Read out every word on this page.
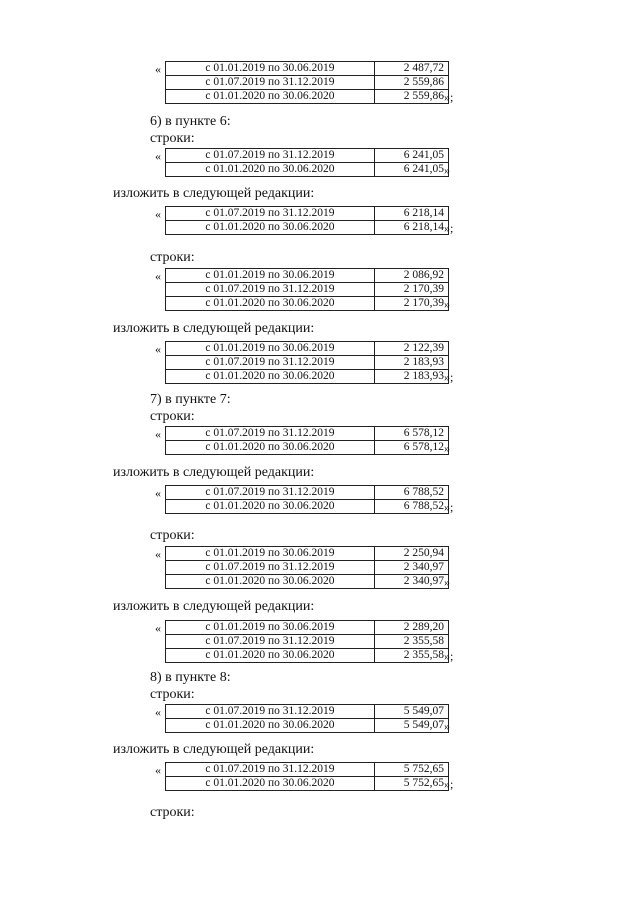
«	с 01.01.2019 по 30.06.2019	2 487,72
с 01.07.2019 по 31.12.2019	2 559,86
с 01.01.2020 по 30.06.2020	2 559,86 »;
6) в пункте 6:
строки:
«	с 01.07.2019 по 31.12.2019	6 241,05
с 01.01.2020 по 30.06.2020	6 241,05 »
изложить в следующей редакции:
«	с 01.07.2019 по 31.12.2019	6 218,14
с 01.01.2020 по 30.06.2020	6 218,14 »;
строки:
«	с 01.01.2019 по 30.06.2019	2 086,92
с 01.07.2019 по 31.12.2019	2 170,39
с 01.01.2020 по 30.06.2020	2 170,39 »
изложить в следующей редакции:
«	с 01.01.2019 по 30.06.2019	2 122,39
с 01.07.2019 по 31.12.2019	2 183,93
с 01.01.2020 по 30.06.2020	2 183,93 »;
7) в пункте 7:
строки:
«	с 01.07.2019 по 31.12.2019	6 578,12
с 01.01.2020 по 30.06.2020	6 578,12 »
изложить в следующей редакции:
«	с 01.07.2019 по 31.12.2019	6 788,52
с 01.01.2020 по 30.06.2020	6 788,52 »;
строки:
«	с 01.01.2019 по 30.06.2019	2 250,94
с 01.07.2019 по 31.12.2019	2 340,97
с 01.01.2020 по 30.06.2020	2 340,97 »
изложить в следующей редакции:
«	с 01.01.2019 по 30.06.2019	2 289,20
с 01.07.2019 по 31.12.2019	2 355,58
с 01.01.2020 по 30.06.2020	2 355,58 »;
8) в пункте 8:
строки:
«	с 01.07.2019 по 31.12.2019	5 549,07
с 01.01.2020 по 30.06.2020	5 549,07 »
изложить в следующей редакции:
«	с 01.07.2019 по 31.12.2019	5 752,65
с 01.01.2020 по 30.06.2020	5 752,65 »;
строки:
